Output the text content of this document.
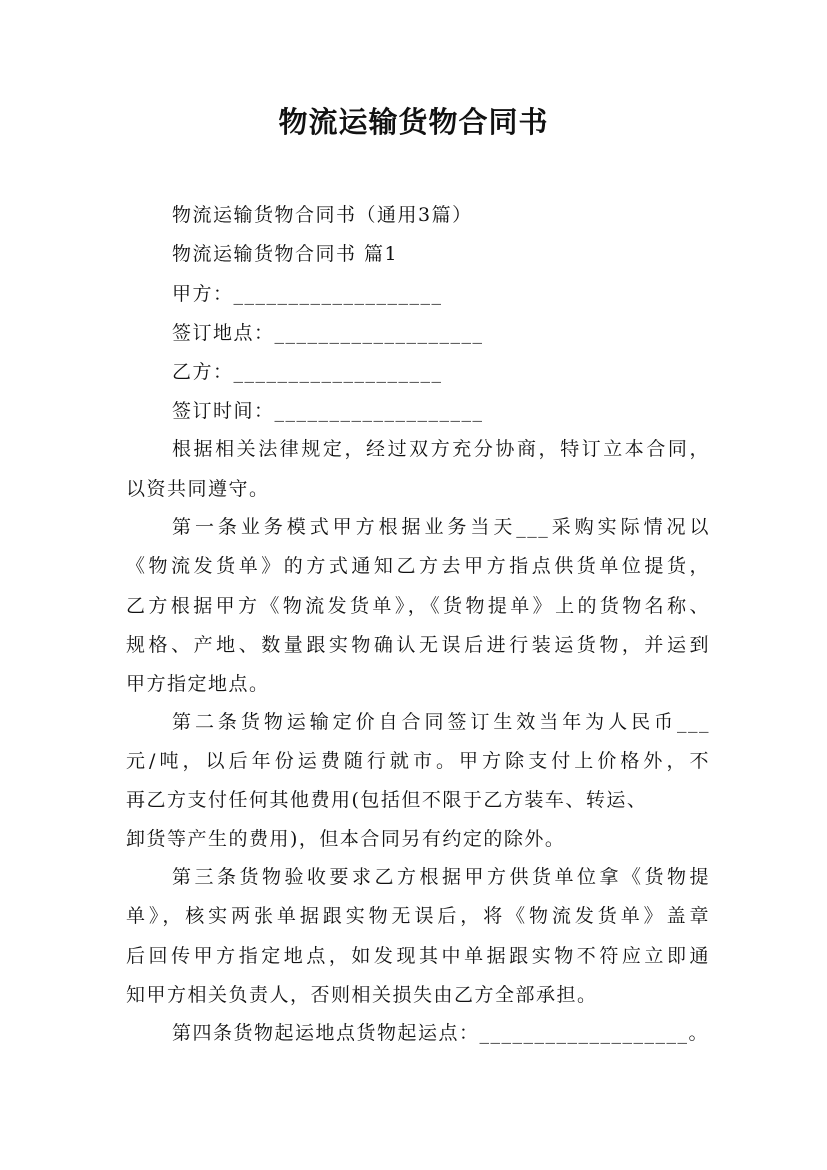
物流运输货物合同书
物流运输货物合同书（通用3篇）
物流运输货物合同书 篇1
甲方：___________________
签订地点：___________________
乙方：___________________
签订时间：___________________
根据相关法律规定，经过双方充分协商，特订立本合同，
以资共同遵守。
第一条业务模式甲方根据业务当天___采购实际情况以
《物流发货单》的方式通知乙方去甲方指点供货单位提货，
乙方根据甲方《物流发货单》，《货物提单》上的货物名称、
规格、产地、数量跟实物确认无误后进行装运货物，并运到
甲方指定地点。
第二条货物运输定价自合同签订生效当年为人民币___
元/吨，以后年份运费随行就市。甲方除支付上价格外，不
再乙方支付任何其他费用(包括但不限于乙方装车、转运、
卸货等产生的费用)，但本合同另有约定的除外。
第三条货物验收要求乙方根据甲方供货单位拿《货物提
单》，核实两张单据跟实物无误后，将《物流发货单》盖章
后回传甲方指定地点，如发现其中单据跟实物不符应立即通
知甲方相关负责人，否则相关损失由乙方全部承担。
第四条货物起运地点货物起运点：___________________。
